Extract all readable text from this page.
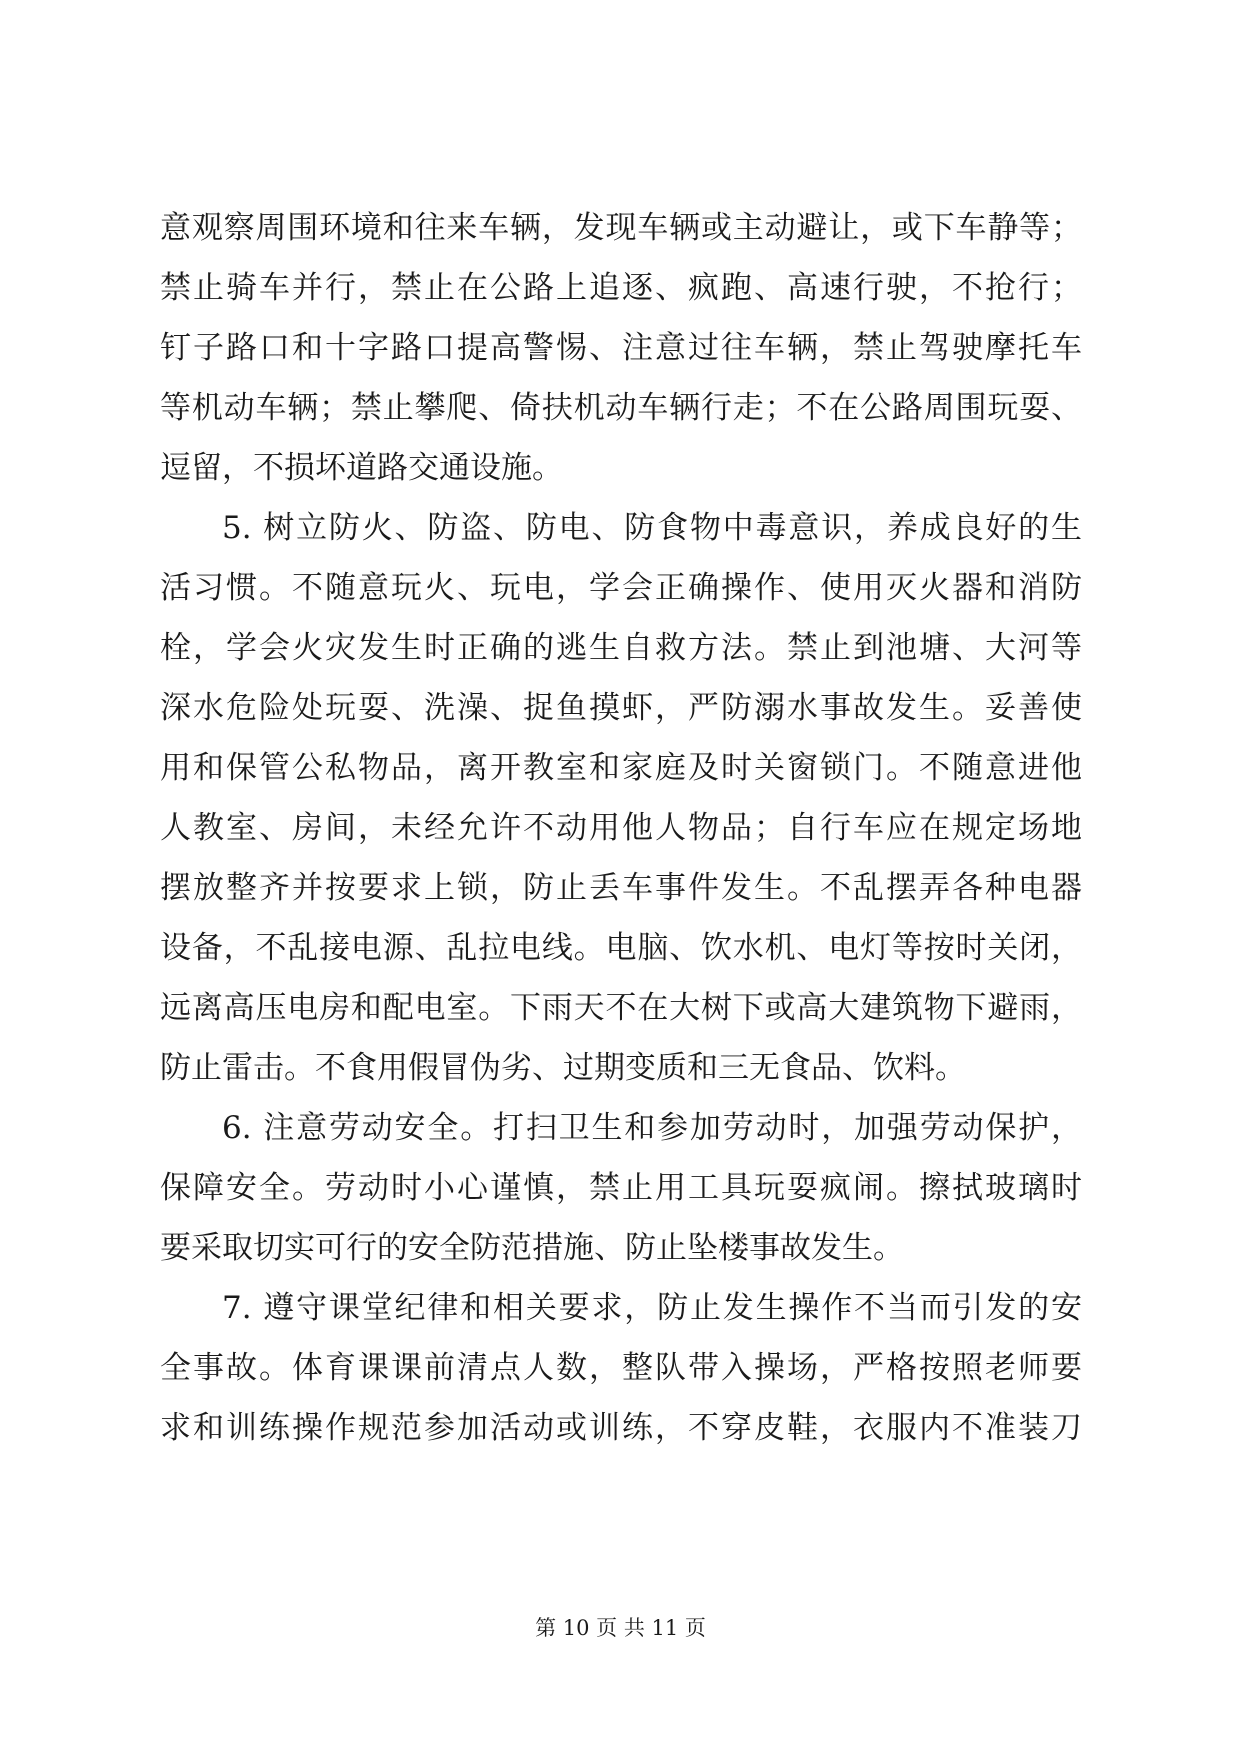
意观察周围环境和往来车辆，发现车辆或主动避让，或下车静等；
禁止骑车并行，禁止在公路上追逐、疯跑、高速行驶，不抢行；
钉子路口和十字路口提高警惕、注意过往车辆，禁止驾驶摩托车
等机动车辆；禁止攀爬、倚扶机动车辆行走；不在公路周围玩耍、
逗留，不损坏道路交通设施。
5. 树立防火、防盗、防电、防食物中毒意识，养成良好的生
活习惯。不随意玩火、玩电，学会正确操作、使用灭火器和消防
栓，学会火灾发生时正确的逃生自救方法。禁止到池塘、大河等
深水危险处玩耍、洗澡、捉鱼摸虾，严防溺水事故发生。妥善使
用和保管公私物品，离开教室和家庭及时关窗锁门。不随意进他
人教室、房间，未经允许不动用他人物品；自行车应在规定场地
摆放整齐并按要求上锁，防止丢车事件发生。不乱摆弄各种电器
设备，不乱接电源、乱拉电线。电脑、饮水机、电灯等按时关闭，
远离高压电房和配电室。下雨天不在大树下或高大建筑物下避雨，
防止雷击。不食用假冒伪劣、过期变质和三无食品、饮料。
6. 注意劳动安全。打扫卫生和参加劳动时，加强劳动保护，
保障安全。劳动时小心谨慎，禁止用工具玩耍疯闹。擦拭玻璃时
要采取切实可行的安全防范措施、防止坠楼事故发生。
7. 遵守课堂纪律和相关要求，防止发生操作不当而引发的安
全事故。体育课课前清点人数，整队带入操场，严格按照老师要
求和训练操作规范参加活动或训练，不穿皮鞋，衣服内不准装刀
第 10 页 共 11 页
